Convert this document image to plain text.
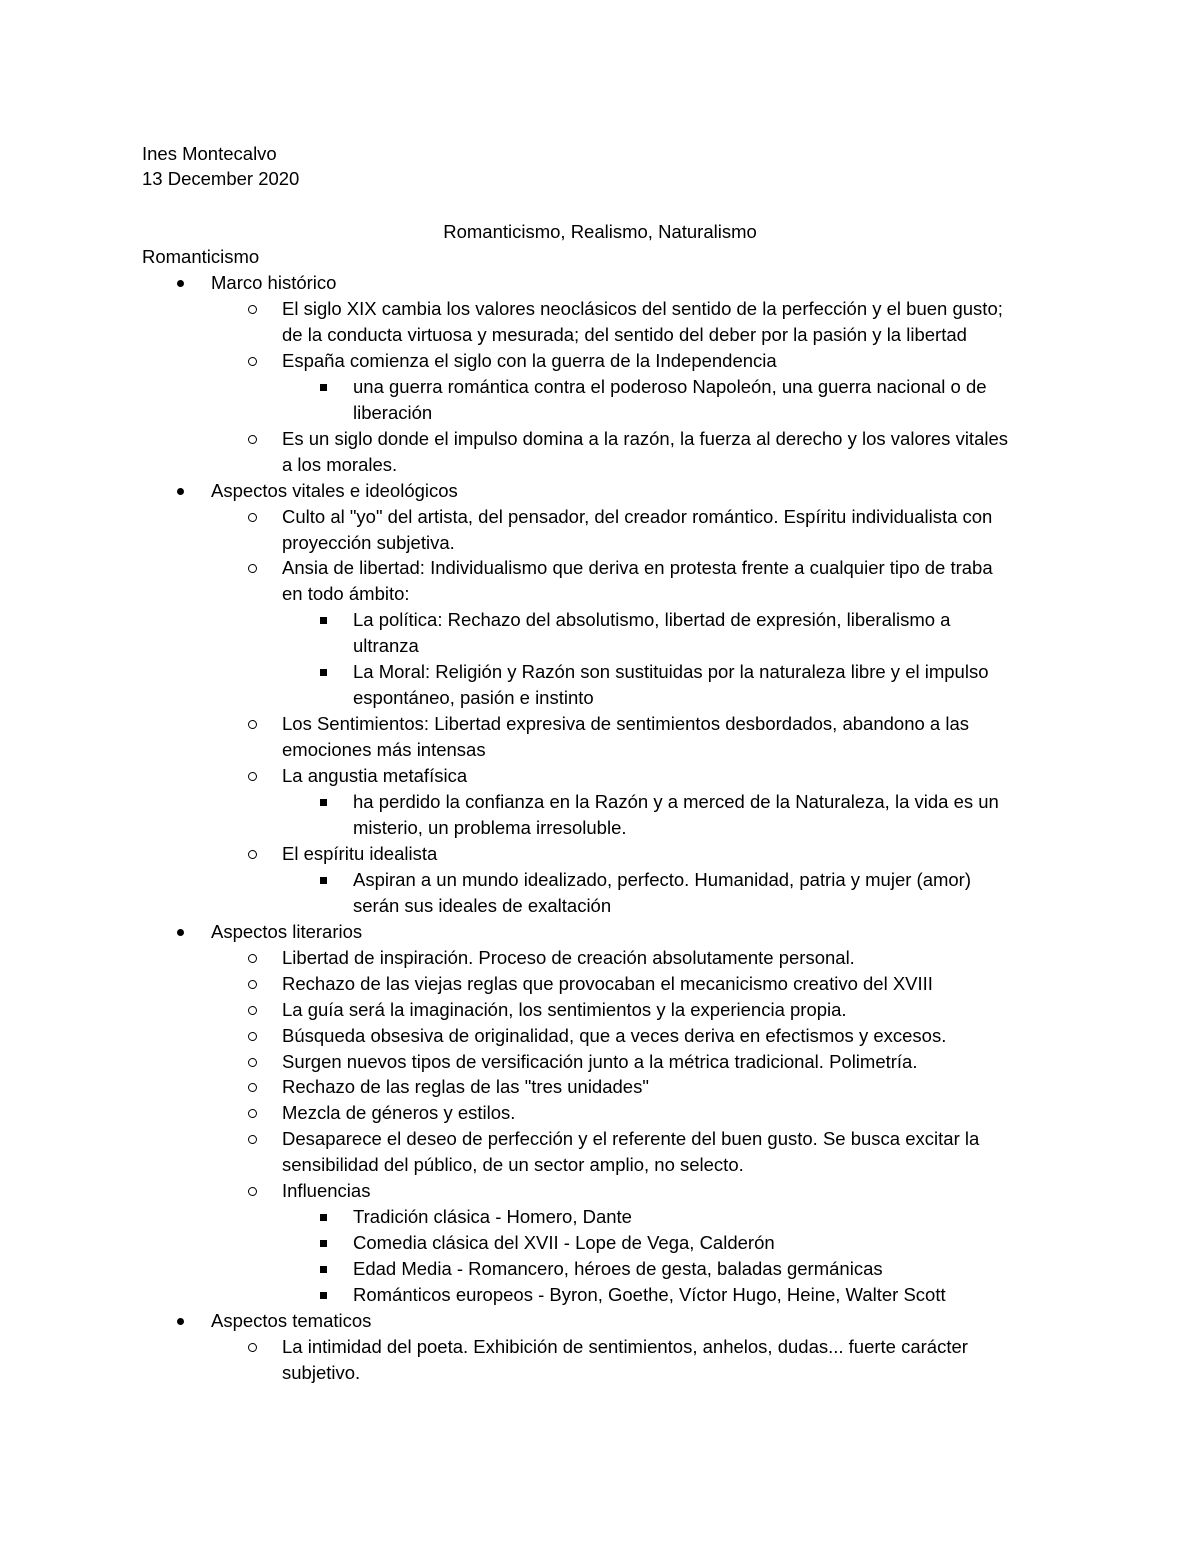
Ines Montecalvo
13 December 2020
Romanticismo, Realismo, Naturalismo
Romanticismo
Marco histórico
El siglo XIX cambia los valores neoclásicos del sentido de la perfección y el buen gusto;
de la conducta virtuosa y mesurada; del sentido del deber por la pasión y la libertad
España comienza el siglo con la guerra de la Independencia
una guerra romántica contra el poderoso Napoleón, una guerra nacional o de
liberación
Es un siglo donde el impulso domina a la razón, la fuerza al derecho y los valores vitales
a los morales.
Aspectos vitales e ideológicos
Culto al "yo" del artista, del pensador, del creador romántico. Espíritu individualista con
proyección subjetiva.
Ansia de libertad: Individualismo que deriva en protesta frente a cualquier tipo de traba
en todo ámbito:
La política: Rechazo del absolutismo, libertad de expresión, liberalismo a
ultranza
La Moral: Religión y Razón son sustituidas por la naturaleza libre y el impulso
espontáneo, pasión e instinto
Los Sentimientos: Libertad expresiva de sentimientos desbordados, abandono a las
emociones más intensas
La angustia metafísica
ha perdido la confianza en la Razón y a merced de la Naturaleza, la vida es un
misterio, un problema irresoluble.
El espíritu idealista
Aspiran a un mundo idealizado, perfecto. Humanidad, patria y mujer (amor)
serán sus ideales de exaltación
Aspectos literarios
Libertad de inspiración. Proceso de creación absolutamente personal.
Rechazo de las viejas reglas que provocaban el mecanicismo creativo del XVIII
La guía será la imaginación, los sentimientos y la experiencia propia.
Búsqueda obsesiva de originalidad, que a veces deriva en efectismos y excesos.
Surgen nuevos tipos de versificación junto a la métrica tradicional. Polimetría.
Rechazo de las reglas de las "tres unidades"
Mezcla de géneros y estilos.
Desaparece el deseo de perfección y el referente del buen gusto. Se busca excitar la
sensibilidad del público, de un sector amplio, no selecto.
Influencias
Tradición clásica - Homero, Dante
Comedia clásica del XVII - Lope de Vega, Calderón
Edad Media - Romancero, héroes de gesta, baladas germánicas
Románticos europeos - Byron, Goethe, Víctor Hugo, Heine, Walter Scott
Aspectos tematicos
La intimidad del poeta. Exhibición de sentimientos, anhelos, dudas... fuerte carácter
subjetivo.
